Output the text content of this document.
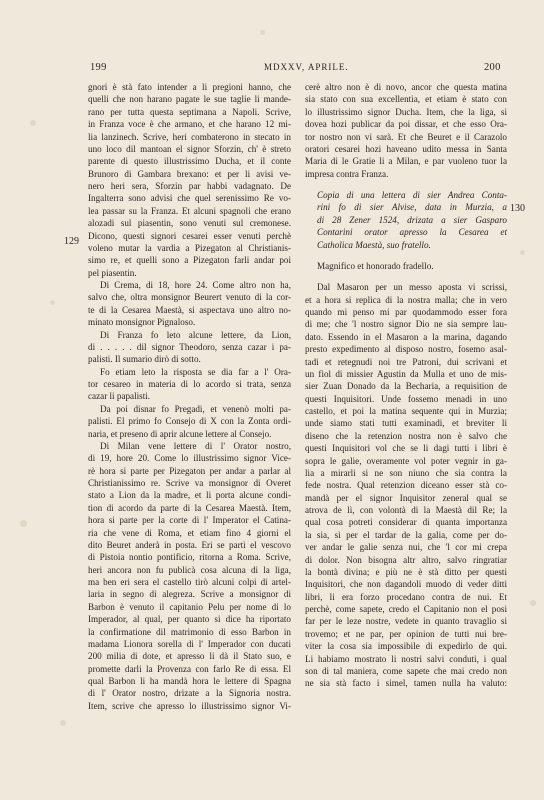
199	MDXXV, APRILE.	200
129
130
gnori è stà fato intender a li pregioni hanno, che
quelli che non harano pagate le sue taglie li mande-
rano per tutta questa septimana a Napoli. Scrive,
in Franza voce è che armano, et che harano 12 mi-
lia lanzinech. Scrive, heri combaterono in stecato in
uno loco dil mantoan el signor Sforzin, ch' è streto
parente di questo illustrissimo Ducha, et il conte
Brunoro di Gambara brexano: et per li avisi ve-
nero heri sera, Sforzin par habbi vadagnato. De
Ingalterra sono advisi che quel serenissimo Re vo-
lea passar su la Franza. Et alcuni spagnoli che erano
alozadi sul piasentin, sono venuti sul cremonese.
Dicono, questi signori cesarei esser venuti perchè
voleno mutar la vardia a Pizegaton al Christianis-
simo re, et quelli sono a Pizegaton farli andar poi
pel piasentin.
Di Crema, di 18, hore 24. Come altro non ha,
salvo che, oltra monsignor Beurert venuto di la cor-
te di la Cesarea Maestà, si aspectava uno altro no-
minato monsignor Pignaloso.
Di Franza fo leto alcune lettere, da Lion,
di . . . . . dil signor Theodoro, senza cazar i pa-
palisti. Il sumario dirò di sotto.
Fo etiam leto la risposta se dia far a l' Ora-
tor cesareo in materia di lo acordo si trata, senza
cazar li papalisti.
Da poi disnar fo Pregadi, et venenò molti pa-
palisti. El primo fo Consejo di X con la Zonta ordi-
naria, et preseno di aprir alcune lettere al Consejo.
Di Milan vene lettere di l' Orator nostro,
di 19, hore 20. Come lo illustrissimo signor Vice-
rè hora si parte per Pizegaton per andar a parlar al
Christianissimo re. Scrive va monsignor di Overet
stato a Lion da la madre, et li porta alcune condi-
tion di acordo da parte di la Cesarea Maestà. Item,
hora si parte per la corte di l' Imperator el Catina-
ria che vene di Roma, et etiam fino 4 giorni el
dito Beuret anderà in posta. Eri se partì el vescovo
di Pistoia nontio pontificio, ritorna a Roma. Scrive,
heri ancora non fu publicà cosa alcuna di la liga,
ma ben eri sera el castello tirò alcuni colpi di artel-
laria in segno di alegreza. Scrive a monsignor di
Barbon è venuto il capitanio Pelu per nome di lo
Imperador, al qual, per quanto si dice ha riportato
la confirmatione dil matrimonio di esso Barbon in
madama Lionora sorella di l' Imperador con ducati
200 milia di dote, et apresso li dà il Stato suo, e
promette darli la Provenza con farlo Re di essa. El
qual Barbon li ha mandà hora le lettere di Spagna
di l' Orator nostro, drizate a la Signoria nostra.
Item, scrive che apresso lo illustrissimo signor Vi-
cerè altro non è di novo, ancor che questa matina
sia stato con sua excellentia, et etiam è stato con
lo illustrissimo signor Ducha. Item, che la liga, si
doveа hozi publicar da poi dissar, et che esso Ora-
tor nostro non vi sarà. Et che Beuret e il Carazolo
oratori cesarei hozi haveano udito messa in Santa
Maria di le Gratie li a Milan, e par vuoleno tuor la
impresa contra Franza.
Copia di una lettera di sier Andrea Conta-
rini fo di sier Alvise, data in Murzia, a
di 28 Zener 1524, drizata a sier Gasparo
Contarini orator apresso la Cesarea et
Catholica Maestà, suo fratello.
Magnifico et honorado fradello.
Dal Masaron per un messo aposta vi scrissi,
et a hora si replica di la nostra malla; che in vero
quando mi penso mi par quodammodo esser fora
di me; che 'l nostro signor Dio ne sia sempre lau-
dato. Essendo in el Masaron a la marina, dagando
presto expedimento al disposo nostro, fosemo asal-
tadi et retegnudi noi tre Patroni, dui scrivani et
un fiol di missier Agustin da Mulla et uno de mis-
sier Zuan Donado da la Becharia, a requisition de
questi Inquisitori. Unde fossemo menadi in uno
castello, et poi la matina sequente qui in Murzia;
unde siamo stati tutti examinadi, et breviter li
diseno che la retenzion nostra non è salvo che
questi Inquisitori vol che se li dagi tutti i libri è
sopra le galie, overamente vol poter vegnir in ga-
lia a mirarli si ne son niuno che sia contra la
fede nostra. Qual retenzion diceano esser stà co-
mandà per el signor Inquisitor zeneral qual se
atrova de lì, con volontà di la Maestà dil Re; la
qual cosa potreti considerar di quanta importanza
la sia, sì per el tardar de la galia, come per do-
ver andar le galie senza nui, che 'l cor mi crepa
di dolor. Non bisogna altr altro, salvo ringratiar
la bontà divina; e più ne è stà ditto per questi
Inquisitori, che non dagandoli muodo di veder ditti
libri, li era forzo procedano contra de nui. Et
perchè, come sapete, credo el Capitanio non el posi
far per le leze nostre, vedete in quanto travaglio si
trovemo; et ne par, per opinion de tutti nui bre-
viter la cosa sia impossibile di expedirlo de qui.
Li habiamo mostrato li nostri salvi conduti, i qual
son di tal maniera, come sapete che mai credo non
ne sia stà facto i simel, tamen nulla ha valuto:
